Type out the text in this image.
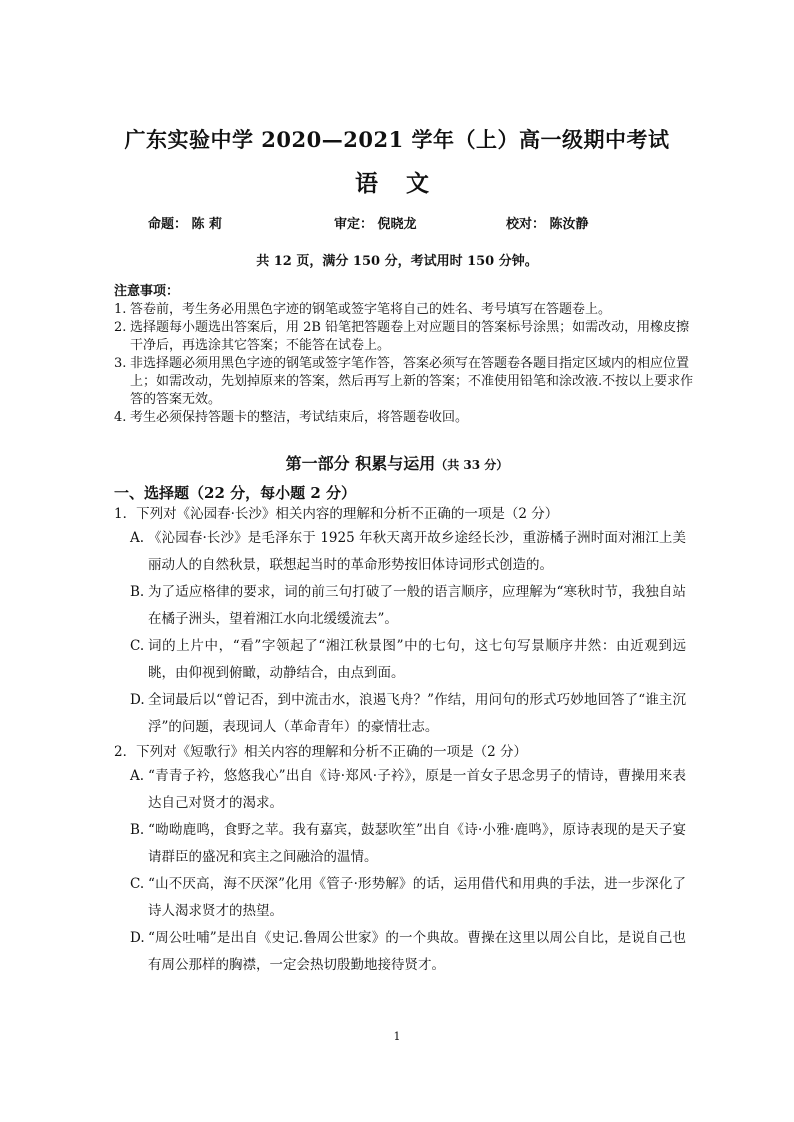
广东实验中学 2020—2021 学年（上）高一级期中考试
语 文
命题： 陈 莉	审定： 倪晓龙	校对： 陈汝静
共 12 页，满分 150 分，考试用时 150 分钟。
注意事项：
1. 答卷前，考生务必用黑色字迹的钢笔或签字笔将自己的姓名、考号填写在答题卷上。
2. 选择题每小题选出答案后，用 2B 铅笔把答题卷上对应题目的答案标号涂黑；如需改动，用橡皮擦干净后，再选涂其它答案；不能答在试卷上。
3. 非选择题必须用黑色字迹的钢笔或签字笔作答，答案必须写在答题卷各题目指定区域内的相应位置上；如需改动，先划掉原来的答案，然后再写上新的答案；不准使用铅笔和涂改液.不按以上要求作答的答案无效。
4. 考生必须保持答题卡的整洁，考试结束后，将答题卷收回。
第一部分 积累与运用（共 33 分）
一、选择题（22 分，每小题 2 分）
1．下列对《沁园春·长沙》相关内容的理解和分析不正确的一项是（2 分）
A. 《沁园春·长沙》是毛泽东于 1925 年秋天离开故乡途经长沙，重游橘子洲时面对湘江上美丽动人的自然秋景，联想起当时的革命形势按旧体诗词形式创造的。
B. 为了适应格律的要求，词的前三句打破了一般的语言顺序，应理解为“寒秋时节，我独自站在橘子洲头，望着湘江水向北缓缓流去”。
C. 词的上片中，“看”字领起了“湘江秋景图”中的七句，这七句写景顺序井然：由近观到远眺，由仰视到俯瞰，动静结合，由点到面。
D. 全词最后以“曾记否，到中流击水，浪遏飞舟？”作结，用问句的形式巧妙地回答了“谁主沉浮”的问题，表现词人（革命青年）的豪情壮志。
2．下列对《短歌行》相关内容的理解和分析不正确的一项是（2 分）
A. “青青子衿，悠悠我心”出自《诗·郑风·子衿》，原是一首女子思念男子的情诗，曹操用来表达自己对贤才的渴求。
B. “呦呦鹿鸣，食野之苹。我有嘉宾，鼓瑟吹笙”出自《诗·小雅·鹿鸣》，原诗表现的是天子宴请群臣的盛况和宾主之间融洽的温情。
C. “山不厌高，海不厌深”化用《管子·形势解》的话，运用借代和用典的手法，进一步深化了诗人渴求贤才的热望。
D. “周公吐哺”是出自《史记.鲁周公世家》的一个典故。曹操在这里以周公自比，是说自己也有周公那样的胸襟，一定会热切殷勤地接待贤才。
1
